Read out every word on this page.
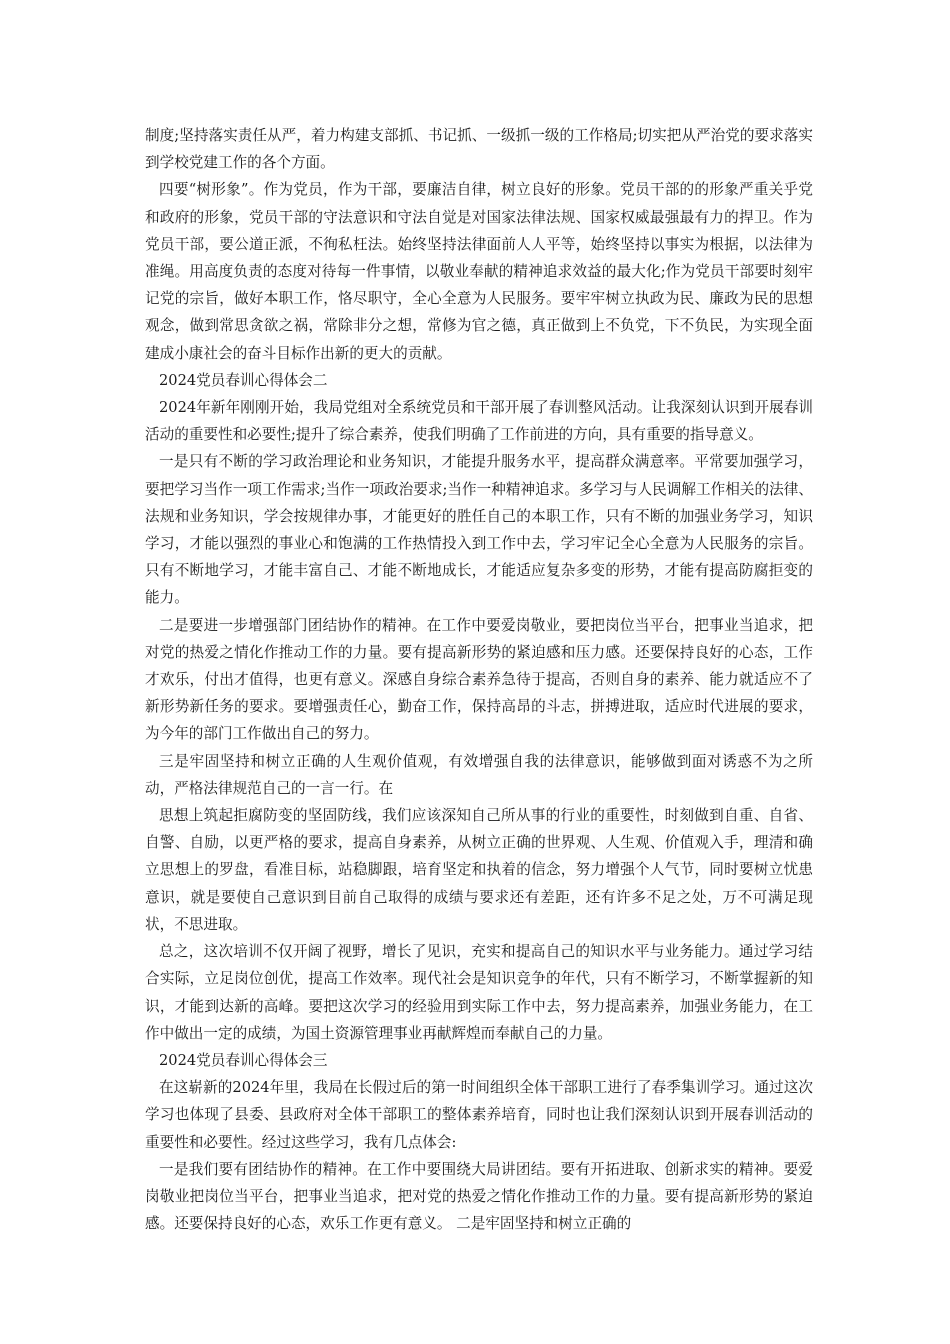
制度;坚持落实责任从严，着力构建支部抓、书记抓、一级抓一级的工作格局;切实把从严治党的要求落实到学校党建工作的各个方面。

四要“树形象”。作为党员，作为干部，要廉洁自律，树立良好的形象。党员干部的的形象严重关乎党和政府的形象，党员干部的守法意识和守法自觉是对国家法律法规、国家权威最强最有力的捍卫。作为党员干部，要公道正派，不徇私枉法。始终坚持法律面前人人平等，始终坚持以事实为根据，以法律为准绳。用高度负责的态度对待每一件事情，以敬业奉献的精神追求效益的最大化;作为党员干部要时刻牢记党的宗旨，做好本职工作，恪尽职守，全心全意为人民服务。要牢牢树立执政为民、廉政为民的思想观念，做到常思贪欲之祸，常除非分之想，常修为官之德，真正做到上不负党，下不负民，为实现全面建成小康社会的奋斗目标作出新的更大的贡献。

2024党员春训心得体会二

2024年新年刚刚开始，我局党组对全系统党员和干部开展了春训整风活动。让我深刻认识到开展春训活动的重要性和必要性;提升了综合素养，使我们明确了工作前进的方向，具有重要的指导意义。

一是只有不断的学习政治理论和业务知识，才能提升服务水平，提高群众满意率。平常要加强学习，要把学习当作一项工作需求;当作一项政治要求;当作一种精神追求。多学习与人民调解工作相关的法律、法规和业务知识，学会按规律办事，才能更好的胜任自己的本职工作，只有不断的加强业务学习，知识学习，才能以强烈的事业心和饱满的工作热情投入到工作中去，学习牢记全心全意为人民服务的宗旨。只有不断地学习，才能丰富自己、才能不断地成长，才能适应复杂多变的形势，才能有提高防腐拒变的能力。

二是要进一步增强部门团结协作的精神。在工作中要爱岗敬业，要把岗位当平台，把事业当追求，把对党的热爱之情化作推动工作的力量。要有提高新形势的紧迫感和压力感。还要保持良好的心态，工作才欢乐，付出才值得，也更有意义。深感自身综合素养急待于提高，否则自身的素养、能力就适应不了新形势新任务的要求。要增强责任心，勤奋工作，保持高昂的斗志，拼搏进取，适应时代进展的要求，为今年的部门工作做出自己的努力。

三是牢固坚持和树立正确的人生观价值观，有效增强自我的法律意识，能够做到面对诱惑不为之所动，严格法律规范自己的一言一行。在

思想上筑起拒腐防变的坚固防线，我们应该深知自己所从事的行业的重要性，时刻做到自重、自省、自警、自励，以更严格的要求，提高自身素养，从树立正确的世界观、人生观、价值观入手，理清和确立思想上的罗盘，看准目标，站稳脚跟，培育坚定和执着的信念，努力增强个人气节，同时要树立忧患意识，就是要使自己意识到目前自己取得的成绩与要求还有差距，还有许多不足之处，万不可满足现状，不思进取。

总之，这次培训不仅开阔了视野，增长了见识，充实和提高自己的知识水平与业务能力。通过学习结合实际，立足岗位创优，提高工作效率。现代社会是知识竞争的年代，只有不断学习，不断掌握新的知识，才能到达新的高峰。要把这次学习的经验用到实际工作中去，努力提高素养，加强业务能力，在工作中做出一定的成绩，为国土资源管理事业再献辉煌而奉献自己的力量。

2024党员春训心得体会三

在这崭新的2024年里，我局在长假过后的第一时间组织全体干部职工进行了春季集训学习。通过这次学习也体现了县委、县政府对全体干部职工的整体素养培育，同时也让我们深刻认识到开展春训活动的重要性和必要性。经过这些学习，我有几点体会:

一是我们要有团结协作的精神。在工作中要围绕大局讲团结。要有开拓进取、创新求实的精神。要爱岗敬业把岗位当平台，把事业当追求，把对党的热爱之情化作推动工作的力量。要有提高新形势的紧迫感。还要保持良好的心态，欢乐工作更有意义。 二是牢固坚持和树立正确的
